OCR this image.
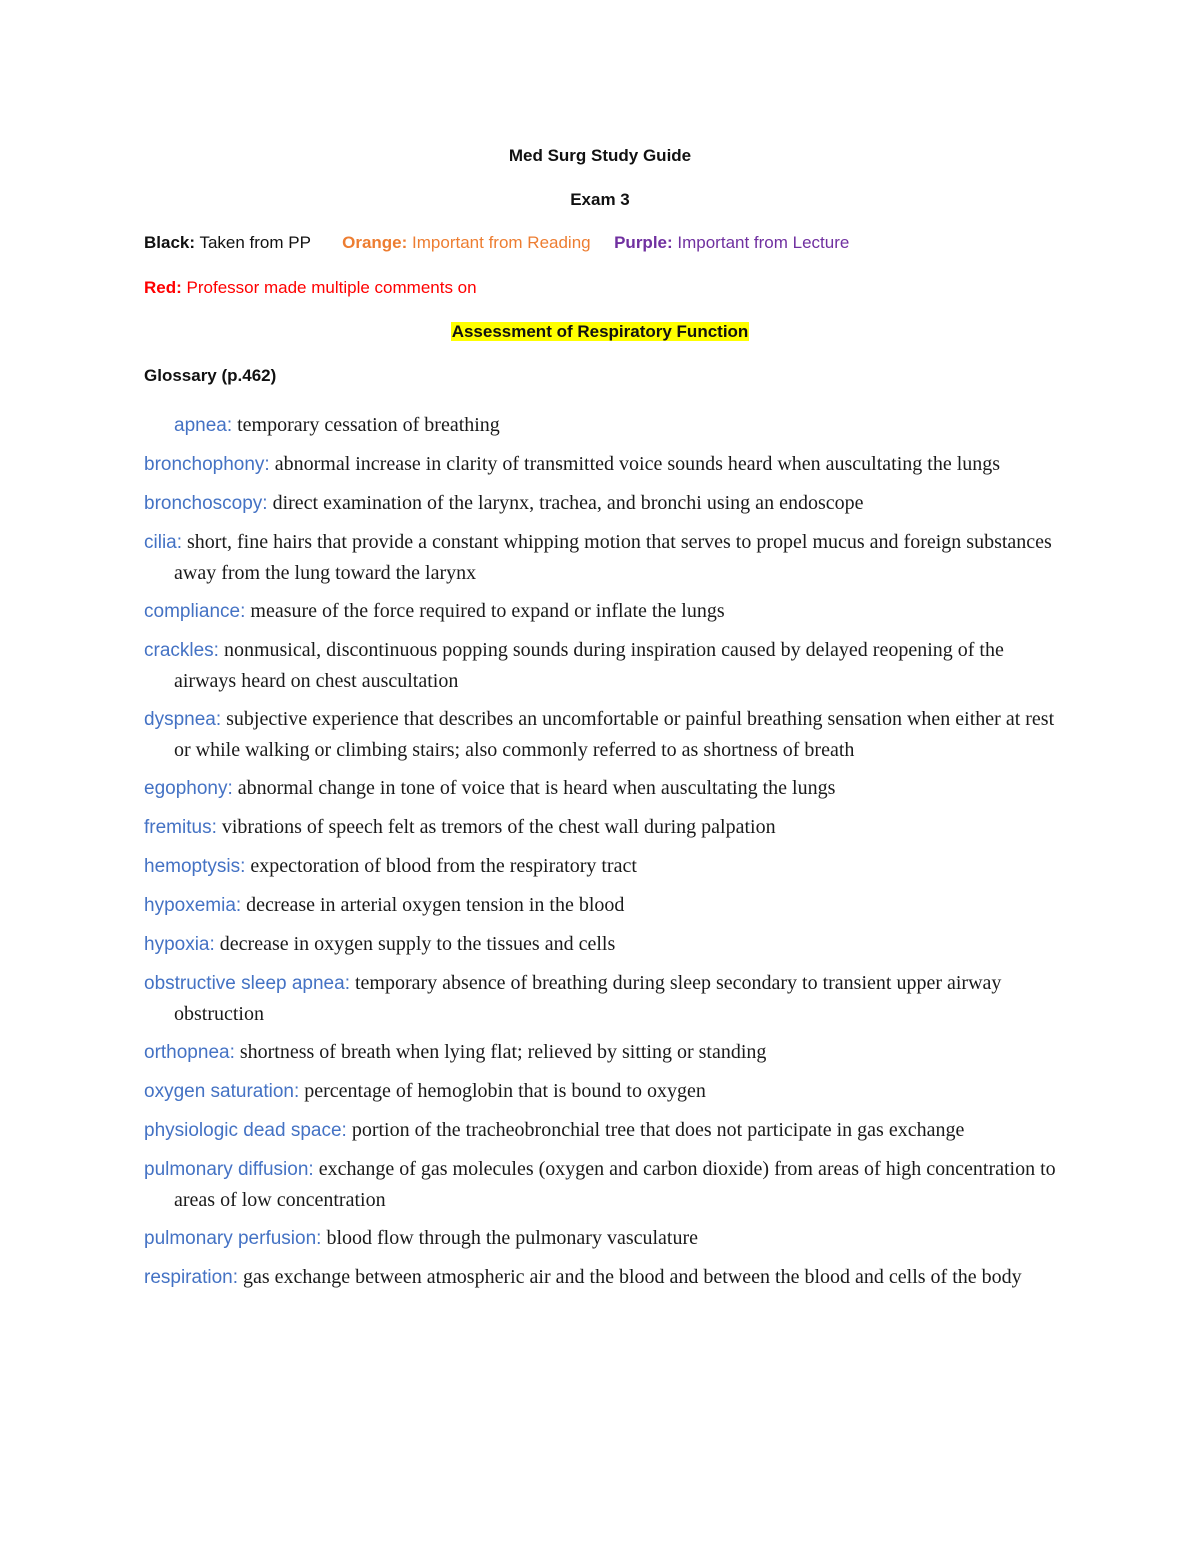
Med Surg Study Guide
Exam 3
Black: Taken from PP Orange: Important from Reading Purple: Important from Lecture
Red: Professor made multiple comments on
Assessment of Respiratory Function
Glossary (p.462)
apnea: temporary cessation of breathing
bronchophony: abnormal increase in clarity of transmitted voice sounds heard when auscultating the lungs
bronchoscopy: direct examination of the larynx, trachea, and bronchi using an endoscope
cilia: short, fine hairs that provide a constant whipping motion that serves to propel mucus and foreign substances away from the lung toward the larynx
compliance: measure of the force required to expand or inflate the lungs
crackles: nonmusical, discontinuous popping sounds during inspiration caused by delayed reopening of the airways heard on chest auscultation
dyspnea: subjective experience that describes an uncomfortable or painful breathing sensation when either at rest or while walking or climbing stairs; also commonly referred to as shortness of breath
egophony: abnormal change in tone of voice that is heard when auscultating the lungs
fremitus: vibrations of speech felt as tremors of the chest wall during palpation
hemoptysis: expectoration of blood from the respiratory tract
hypoxemia: decrease in arterial oxygen tension in the blood
hypoxia: decrease in oxygen supply to the tissues and cells
obstructive sleep apnea: temporary absence of breathing during sleep secondary to transient upper airway obstruction
orthopnea: shortness of breath when lying flat; relieved by sitting or standing
oxygen saturation: percentage of hemoglobin that is bound to oxygen
physiologic dead space: portion of the tracheobronchial tree that does not participate in gas exchange
pulmonary diffusion: exchange of gas molecules (oxygen and carbon dioxide) from areas of high concentration to areas of low concentration
pulmonary perfusion: blood flow through the pulmonary vasculature
respiration: gas exchange between atmospheric air and the blood and between the blood and cells of the body
